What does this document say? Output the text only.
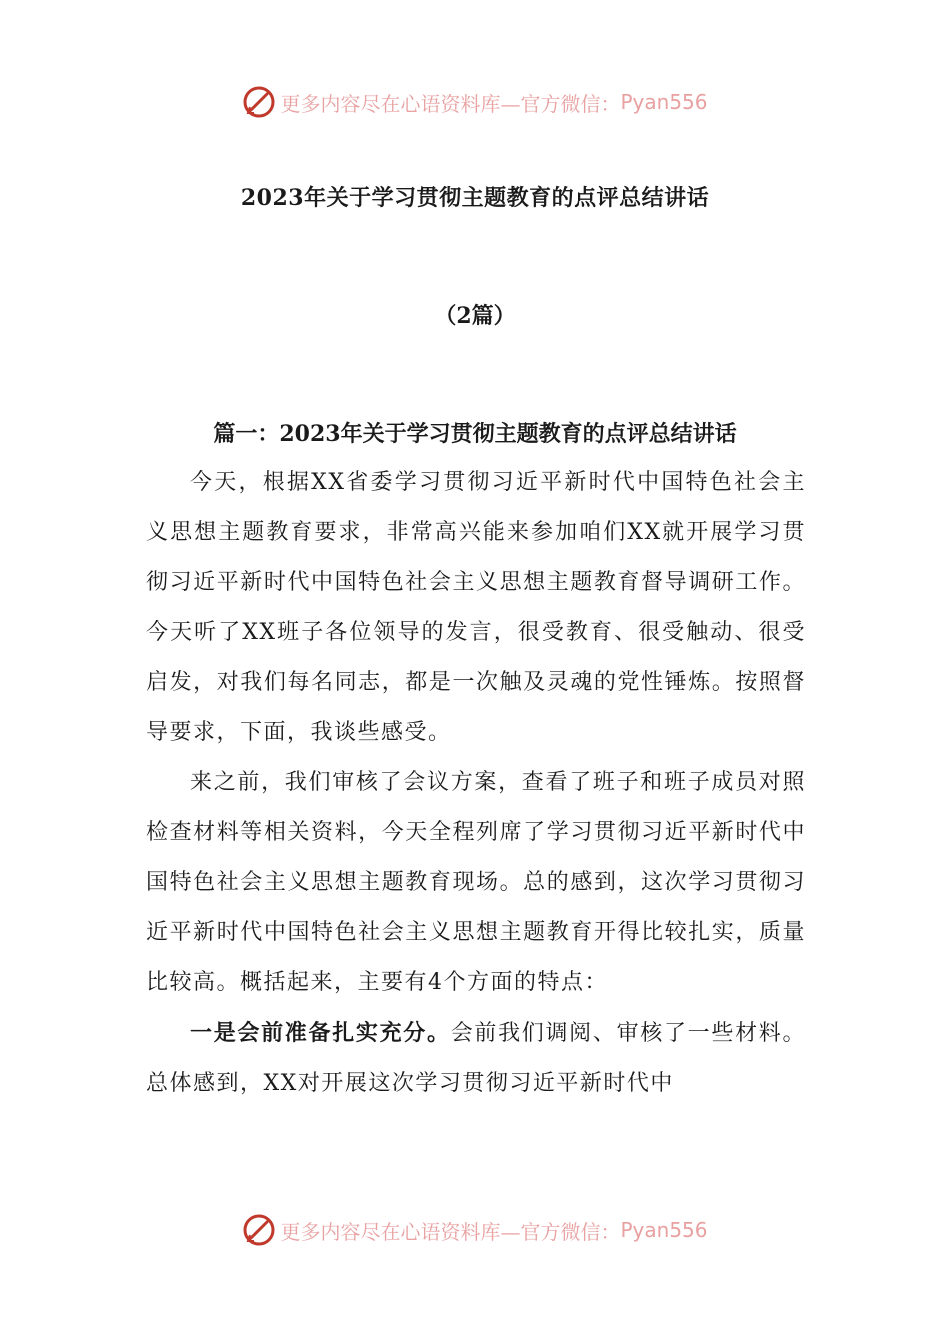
更多内容尽在心语资料库—官方微信： Pyan556
2023年关于学习贯彻主题教育的点评总结讲话
（2篇）
篇一：2023年关于学习贯彻主题教育的点评总结讲话

今天，根据XX省委学习贯彻习近平新时代中国特色社会主义思想主题教育要求，非常高兴能来参加咱们XX就开展学习贯彻习近平新时代中国特色社会主义思想主题教育督导调研工作。今天听了XX班子各位领导的发言，很受教育、很受触动、很受启发，对我们每名同志，都是一次触及灵魂的党性锤炼。按照督导要求，下面，我谈些感受。

来之前，我们审核了会议方案，查看了班子和班子成员对照检查材料等相关资料，今天全程列席了学习贯彻习近平新时代中国特色社会主义思想主题教育现场。总的感到，这次学习贯彻习近平新时代中国特色社会主义思想主题教育开得比较扎实，质量比较高。概括起来，主要有4个方面的特点：

一是会前准备扎实充分。会前我们调阅、审核了一些材料。总体感到，XX对开展这次学习贯彻习近平新时代中

更多内容尽在心语资料库—官方微信： Pyan556
